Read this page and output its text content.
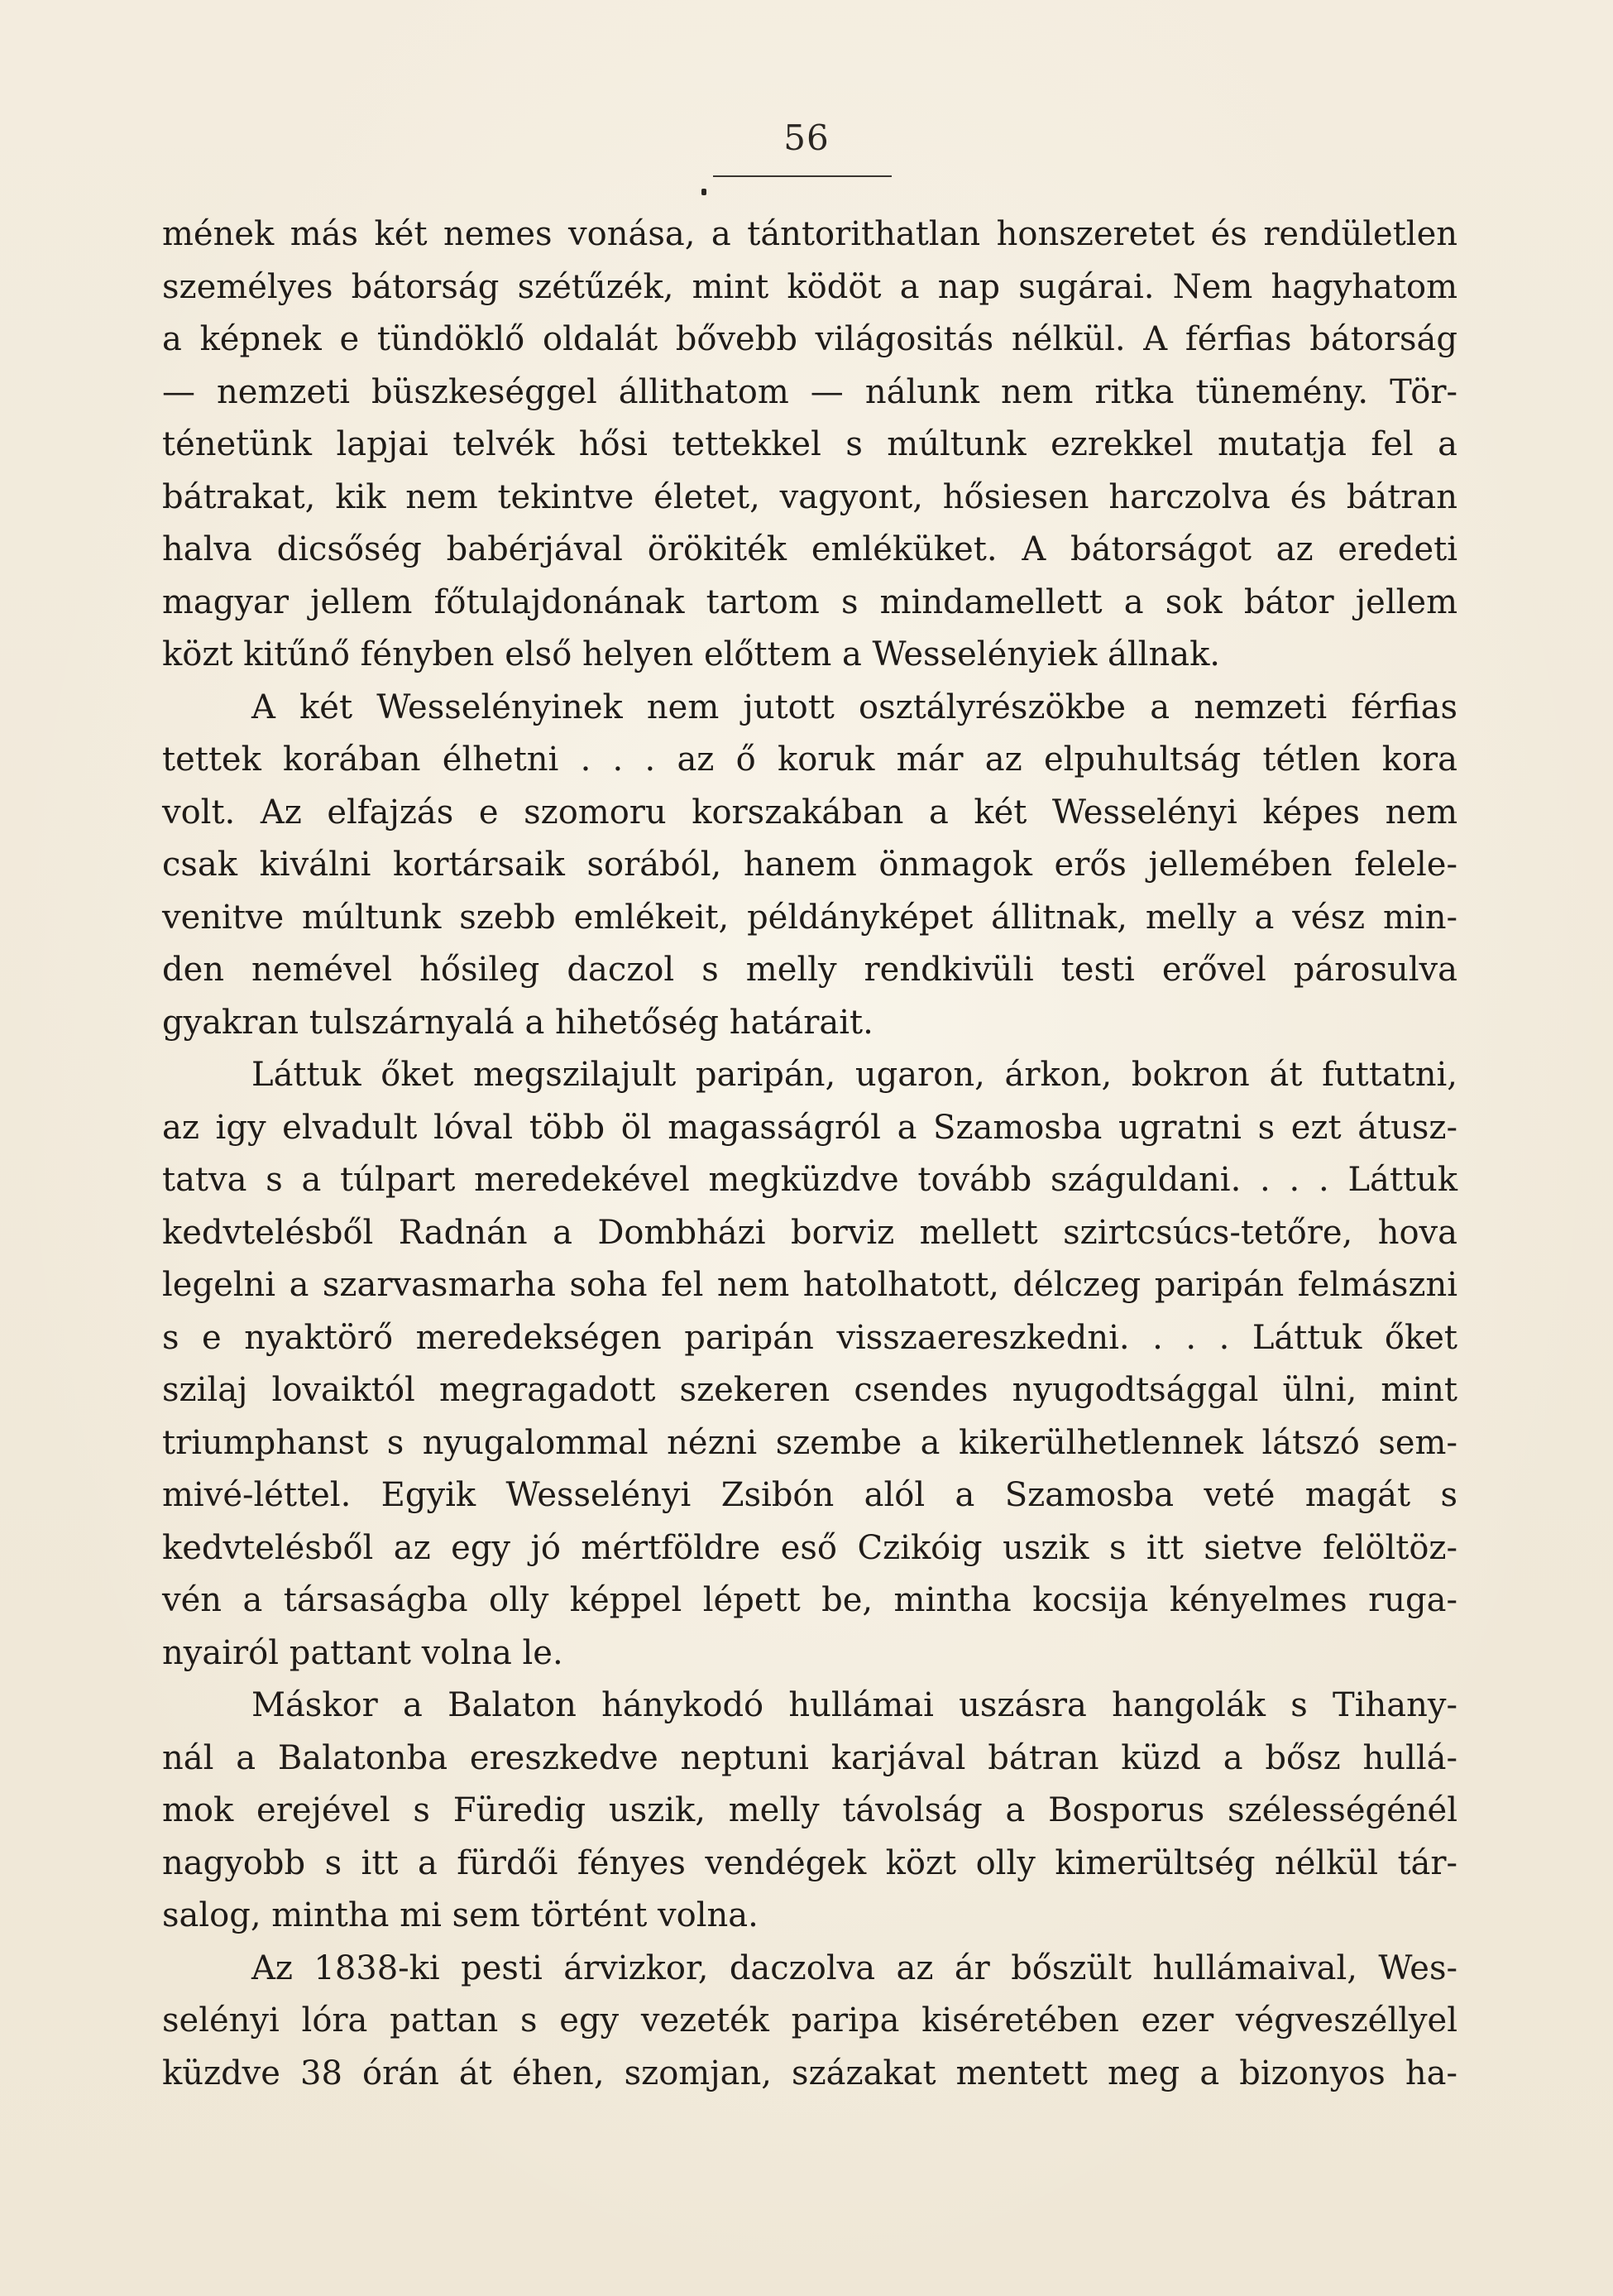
56
mének más két nemes vonása, a tántorithatlan honszeretet és rendületlen
személyes bátorság szétűzék, mint ködöt a nap sugárai. Nem hagyhatom
a képnek e tündöklő oldalát bővebb világositás nélkül. A férfias bátorság
— nemzeti büszkeséggel állithatom — nálunk nem ritka tünemény. Tör-
ténetünk lapjai telvék hősi tettekkel s múltunk ezrekkel mutatja fel a
bátrakat, kik nem tekintve életet, vagyont, hősiesen harczolva és bátran
halva dicsőség babérjával örökiték emléküket. A bátorságot az eredeti
magyar jellem főtulajdonának tartom s mindamellett a sok bátor jellem
közt kitűnő fényben első helyen előttem a Wesselényiek állnak.
A két Wesselényinek nem jutott osztályrészökbe a nemzeti férfias
tettek korában élhetni . . . az ő koruk már az elpuhultság tétlen kora
volt. Az elfajzás e szomoru korszakában a két Wesselényi képes nem
csak kiválni kortársaik sorából, hanem önmagok erős jellemében felele-
venitve múltunk szebb emlékeit, példányképet állitnak, melly a vész min-
den nemével hősileg daczol s melly rendkivüli testi erővel párosulva
gyakran tulszárnyalá a hihetőség határait.
Láttuk őket megszilajult paripán, ugaron, árkon, bokron át futtatni,
az igy elvadult lóval több öl magasságról a Szamosba ugratni s ezt átusz-
tatva s a túlpart meredekével megküzdve tovább száguldani. . . . Láttuk
kedvtelésből Radnán a Dombházi borviz mellett szirtcsúcs-tetőre, hova
legelni a szarvasmarha soha fel nem hatolhatott, délczeg paripán felmászni
s e nyaktörő meredekségen paripán visszaereszkedni. . . . Láttuk őket
szilaj lovaiktól megragadott szekeren csendes nyugodtsággal ülni, mint
triumphanst s nyugalommal nézni szembe a kikerülhetlennek látszó sem-
mivé-léttel. Egyik Wesselényi Zsibón alól a Szamosba veté magát s
kedvtelésből az egy jó mértföldre eső Czikóig uszik s itt sietve felöltöz-
vén a társaságba olly képpel lépett be, mintha kocsija kényelmes ruga-
nyairól pattant volna le.
Máskor a Balaton hánykodó hullámai uszásra hangolák s Tihany-
nál a Balatonba ereszkedve neptuni karjával bátran küzd a bősz hullá-
mok erejével s Füredig uszik, melly távolság a Bosporus szélességénél
nagyobb s itt a fürdői fényes vendégek közt olly kimerültség nélkül tár-
salog, mintha mi sem történt volna.
Az 1838-ki pesti árvizkor, daczolva az ár bőszült hullámaival, Wes-
selényi lóra pattan s egy vezeték paripa kiséretében ezer végveszéllyel
küzdve 38 órán át éhen, szomjan, százakat mentett meg a bizonyos ha-
